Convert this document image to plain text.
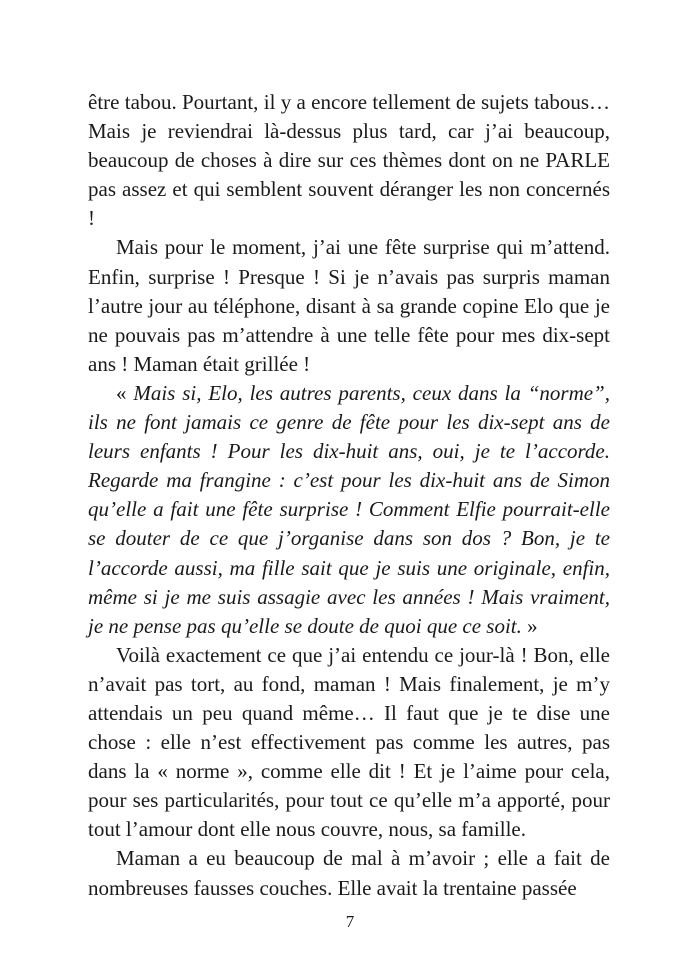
être tabou. Pourtant, il y a encore tellement de sujets tabous… Mais je reviendrai là-dessus plus tard, car j’ai beaucoup, beaucoup de choses à dire sur ces thèmes dont on ne PARLE pas assez et qui semblent souvent déranger les non concernés !

Mais pour le moment, j’ai une fête surprise qui m’attend. Enfin, surprise ! Presque ! Si je n’avais pas surpris maman l’autre jour au téléphone, disant à sa grande copine Elo que je ne pouvais pas m’attendre à une telle fête pour mes dix-sept ans ! Maman était grillée !

« Mais si, Elo, les autres parents, ceux dans la “norme”, ils ne font jamais ce genre de fête pour les dix-sept ans de leurs enfants ! Pour les dix-huit ans, oui, je te l’accorde. Regarde ma frangine : c’est pour les dix-huit ans de Simon qu’elle a fait une fête surprise ! Comment Elfie pourrait-elle se douter de ce que j’organise dans son dos ? Bon, je te l’accorde aussi, ma fille sait que je suis une originale, enfin, même si je me suis assagie avec les années ! Mais vraiment, je ne pense pas qu’elle se doute de quoi que ce soit. »

Voilà exactement ce que j’ai entendu ce jour-là ! Bon, elle n’avait pas tort, au fond, maman ! Mais finalement, je m’y attendais un peu quand même… Il faut que je te dise une chose : elle n’est effectivement pas comme les autres, pas dans la « norme », comme elle dit ! Et je l’aime pour cela, pour ses particularités, pour tout ce qu’elle m’a apporté, pour tout l’amour dont elle nous couvre, nous, sa famille.

Maman a eu beaucoup de mal à m’avoir ; elle a fait de nombreuses fausses couches. Elle avait la trentaine passée

7
